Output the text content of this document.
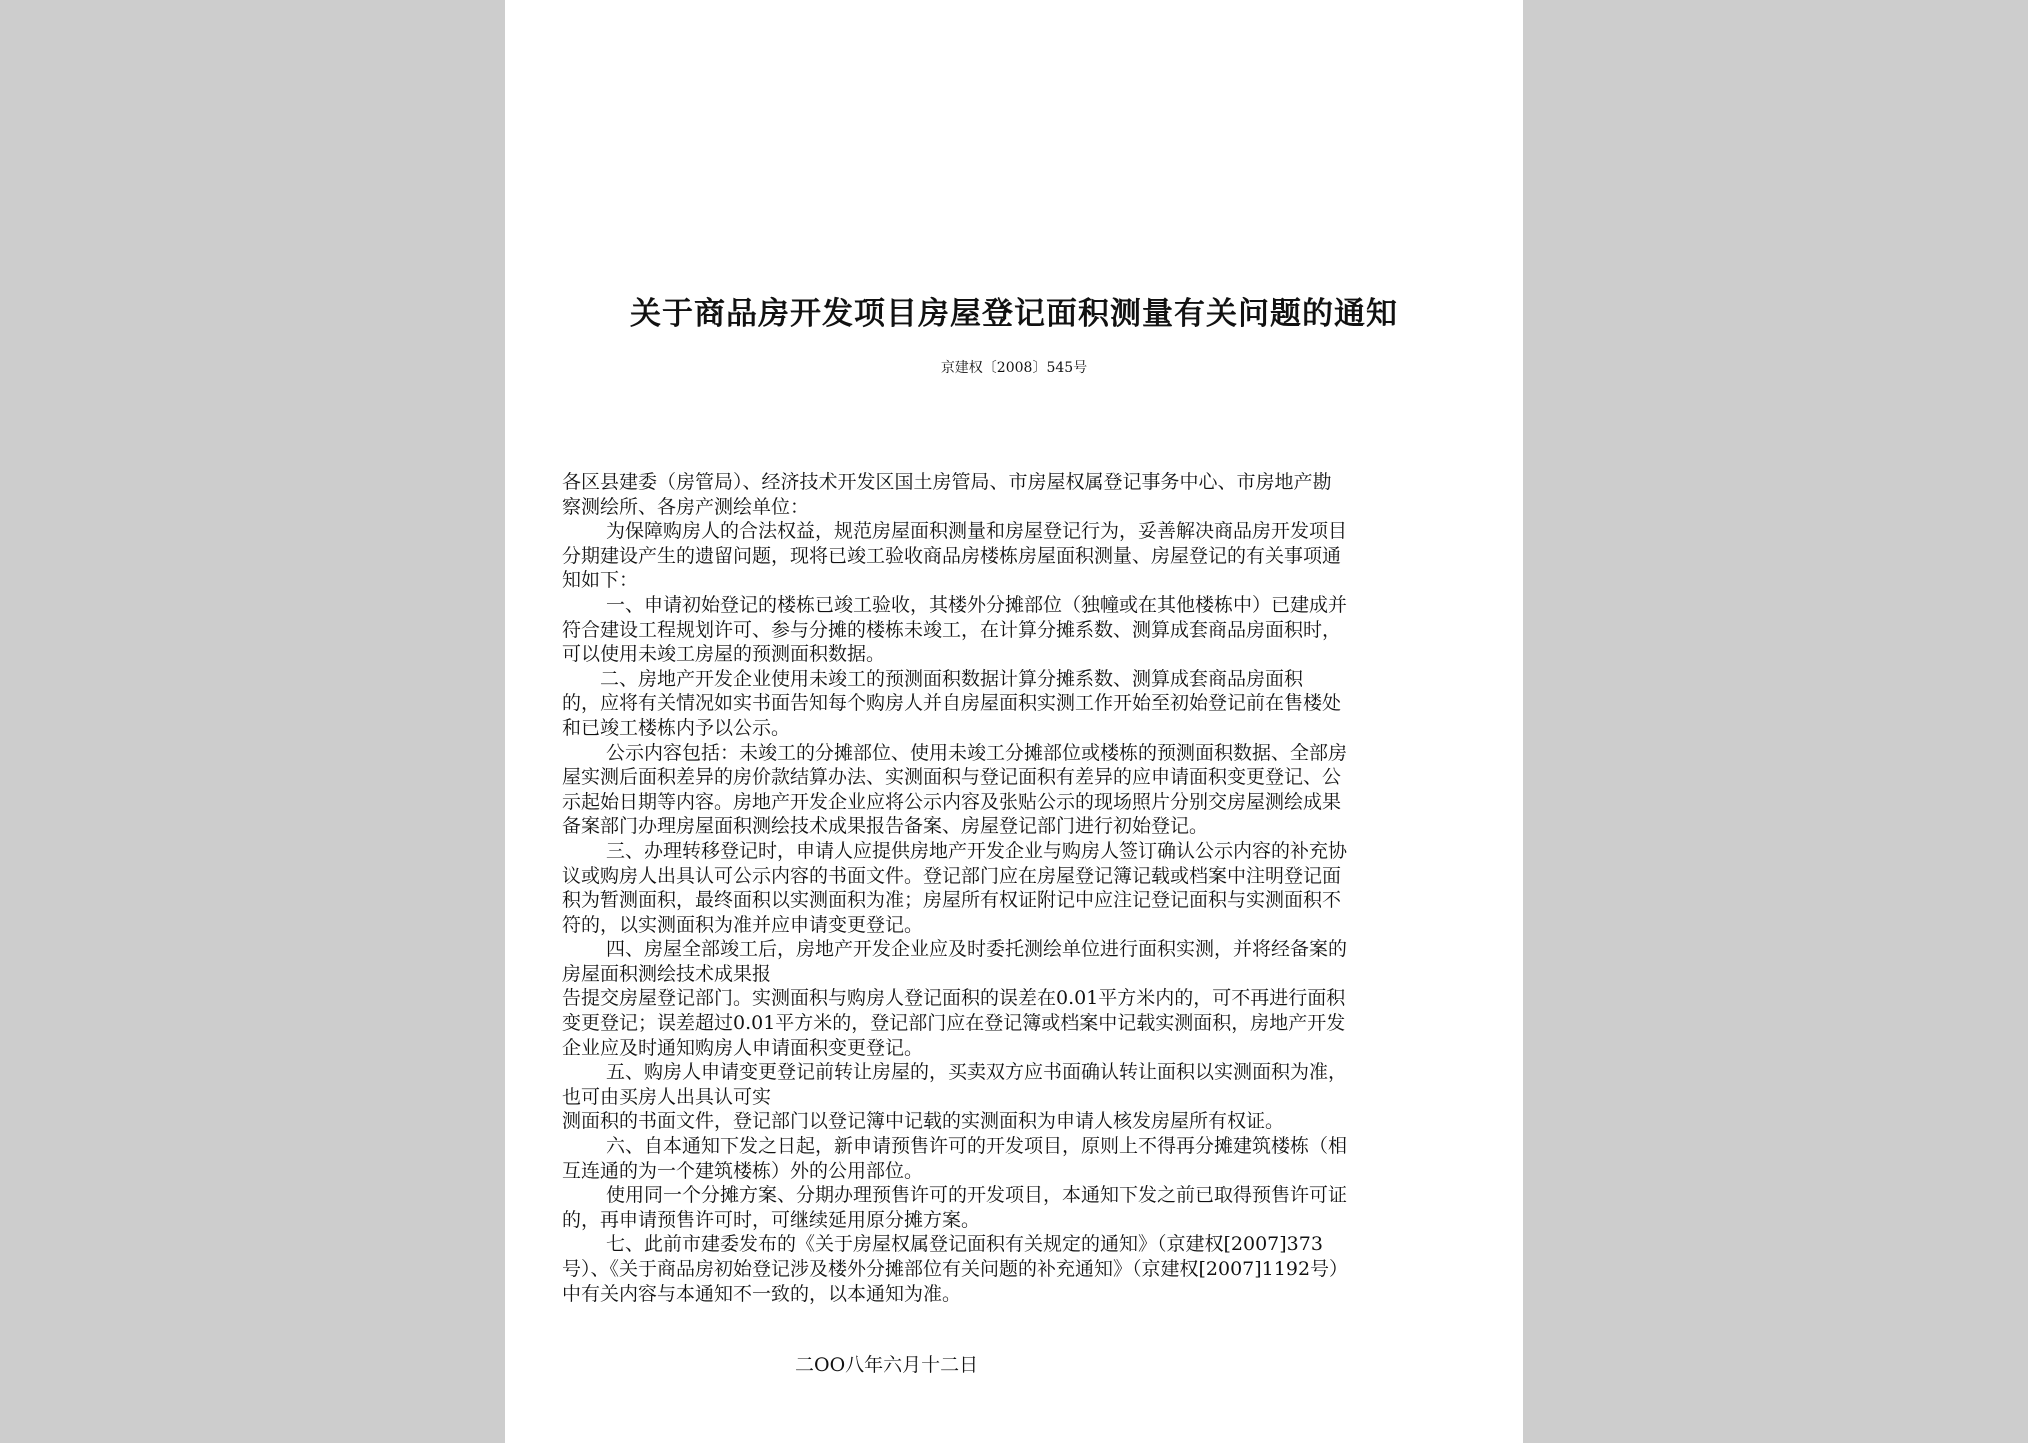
关于商品房开发项目房屋登记面积测量有关问题的通知
京建权〔2008〕545号
各区县建委（房管局）、经济技术开发区国土房管局、市房屋权属登记事务中心、市房地产勘
察测绘所、各房产测绘单位：
为保障购房人的合法权益，规范房屋面积测量和房屋登记行为，妥善解决商品房开发项目
分期建设产生的遗留问题，现将已竣工验收商品房楼栋房屋面积测量、房屋登记的有关事项通
知如下：
一、申请初始登记的楼栋已竣工验收，其楼外分摊部位（独幢或在其他楼栋中）已建成并
符合建设工程规划许可、参与分摊的楼栋未竣工，在计算分摊系数、测算成套商品房面积时，
可以使用未竣工房屋的预测面积数据。
二、房地产开发企业使用未竣工的预测面积数据计算分摊系数、测算成套商品房面积
的，应将有关情况如实书面告知每个购房人并自房屋面积实测工作开始至初始登记前在售楼处
和已竣工楼栋内予以公示。
公示内容包括：未竣工的分摊部位、使用未竣工分摊部位或楼栋的预测面积数据、全部房
屋实测后面积差异的房价款结算办法、实测面积与登记面积有差异的应申请面积变更登记、公
示起始日期等内容。房地产开发企业应将公示内容及张贴公示的现场照片分别交房屋测绘成果
备案部门办理房屋面积测绘技术成果报告备案、房屋登记部门进行初始登记。
三、办理转移登记时，申请人应提供房地产开发企业与购房人签订确认公示内容的补充协
议或购房人出具认可公示内容的书面文件。登记部门应在房屋登记簿记载或档案中注明登记面
积为暂测面积，最终面积以实测面积为准；房屋所有权证附记中应注记登记面积与实测面积不
符的，以实测面积为准并应申请变更登记。
四、房屋全部竣工后，房地产开发企业应及时委托测绘单位进行面积实测，并将经备案的
房屋面积测绘技术成果报
告提交房屋登记部门。实测面积与购房人登记面积的误差在0.01平方米内的，可不再进行面积
变更登记；误差超过0.01平方米的，登记部门应在登记簿或档案中记载实测面积，房地产开发
企业应及时通知购房人申请面积变更登记。
五、购房人申请变更登记前转让房屋的，买卖双方应书面确认转让面积以实测面积为准，
也可由买房人出具认可实
测面积的书面文件，登记部门以登记簿中记载的实测面积为申请人核发房屋所有权证。
六、自本通知下发之日起，新申请预售许可的开发项目，原则上不得再分摊建筑楼栋（相
互连通的为一个建筑楼栋）外的公用部位。
使用同一个分摊方案、分期办理预售许可的开发项目，本通知下发之前已取得预售许可证
的，再申请预售许可时，可继续延用原分摊方案。
七、此前市建委发布的《关于房屋权属登记面积有关规定的通知》（京建权[2007]373
号）、《关于商品房初始登记涉及楼外分摊部位有关问题的补充通知》（京建权[2007]1192号）
中有关内容与本通知不一致的，以本通知为准。
二OO八年六月十二日
